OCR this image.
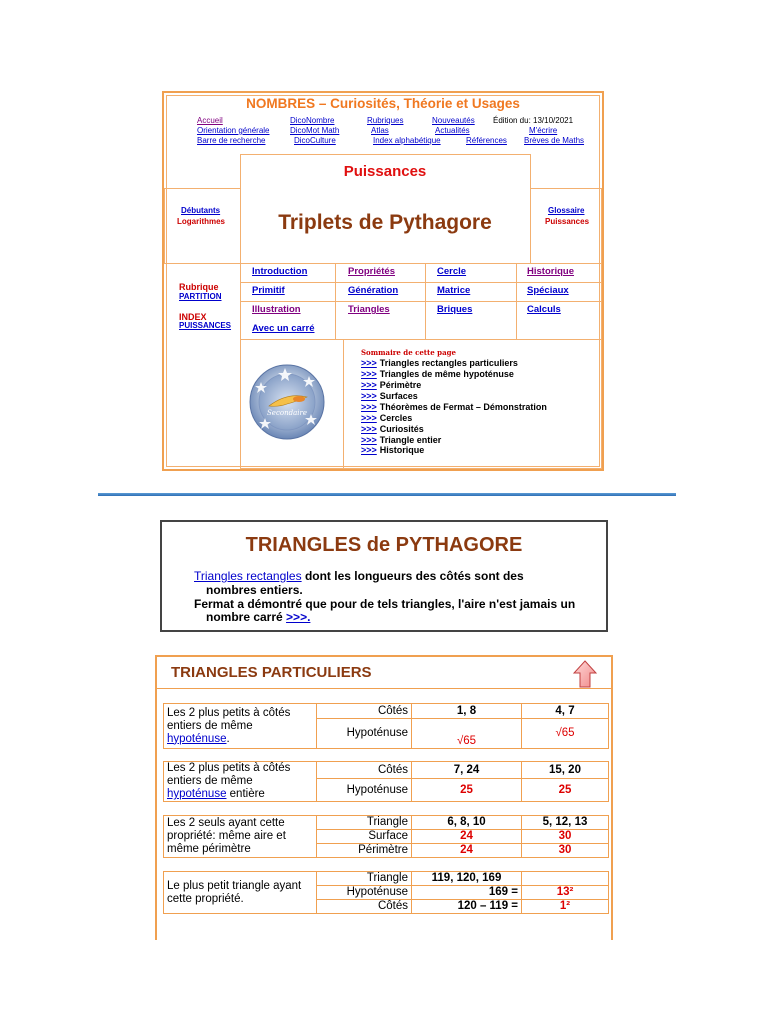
NOMBRES – Curiosités, Théorie et Usages
Accueil
Orientation générale
Barre de recherche
DicoNombre
DicoMot Math
DicoCulture
Rubriques
Atlas
Index alphabétique
Nouveautés
Actualités
Références
Édition du: 13/10/2021
M'écrire
Brèves de Maths
Puissances
Triplets de Pythagore
Débutants
Logarithmes
Glossaire
Puissances
Rubrique
PARTITION
INDEX
PUISSANCES
Introduction	Propriétés	Cercle	Historique
Primitif	Génération	Matrice	Spéciaux
Illustration	Triangles	Briques	Calculs
Avec un carré
Secondaire
Sommaire de cette page
>>> Triangles rectangles particuliers
>>> Triangles de même hypoténuse
>>> Périmètre
>>> Surfaces
>>> Théorèmes de Fermat – Démonstration
>>> Cercles
>>> Curiosités
>>> Triangle entier
>>> Historique
TRIANGLES de PYTHAGORE
Triangles rectangles dont les longueurs des côtés sont des
nombres entiers.
Fermat a démontré que pour de tels triangles, l'aire n'est jamais un
nombre carré >>>.
TRIANGLES PARTICULIERS
Les 2 plus petits à côtés entiers de même hypoténuse.	Côtés	1, 8	4, 7
	Hypoténuse	√65	√65
Les 2 plus petits à côtés entiers de même hypoténuse entière	Côtés	7, 24	15, 20
	Hypoténuse	25	25
Les 2 seuls ayant cette propriété: même aire et même périmètre	Triangle	6, 8, 10	5, 12, 13
	Surface	24	30
	Périmètre	24	30
Le plus petit triangle ayant cette propriété.	Triangle	119, 120, 169	
	Hypoténuse	169 =	13²
	Côtés	120 – 119 =	1²
